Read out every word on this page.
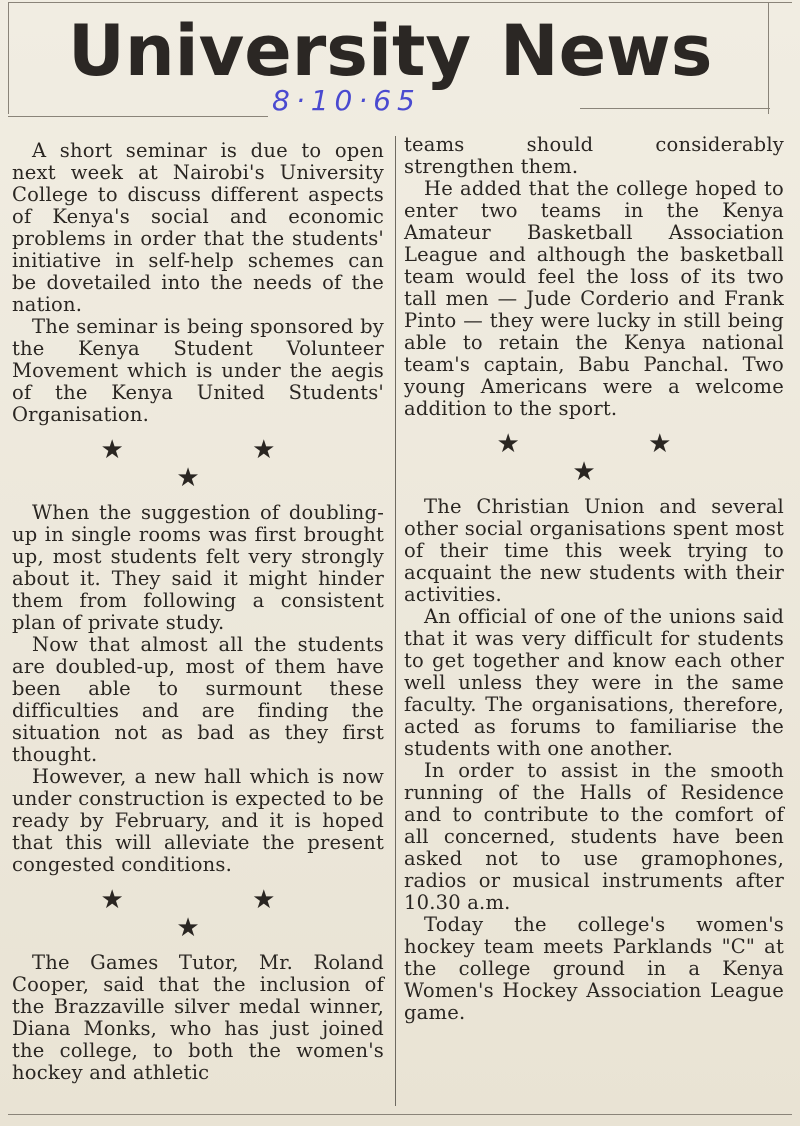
University News
8·10·65

A short seminar is due to open next week at Nairobi's University College to discuss different aspects of Kenya's social and economic problems in order that the students' initiative in self-help schemes can be dovetailed into the needs of the nation.

The seminar is being sponsored by the Kenya Student Volunteer Movement which is under the aegis of the Kenya United Students' Organisation.

★ ★ ★

When the suggestion of doubling-up in single rooms was first brought up, most students felt very strongly about it. They said it might hinder them from following a consistent plan of private study.

Now that almost all the students are doubled-up, most of them have been able to surmount these difficulties and are finding the situation not as bad as they first thought.

However, a new hall which is now under construction is expected to be ready by February, and it is hoped that this will alleviate the present congested conditions.

★ ★ ★

The Games Tutor, Mr. Roland Cooper, said that the inclusion of the Brazzaville silver medal winner, Diana Monks, who has just joined the college, to both the women's hockey and athletic

teams should considerably strengthen them.

He added that the college hoped to enter two teams in the Kenya Amateur Basketball Association League and although the basketball team would feel the loss of its two tall men — Jude Corderio and Frank Pinto — they were lucky in still being able to retain the Kenya national team's captain, Babu Panchal. Two young Americans were a welcome addition to the sport.

★ ★ ★

The Christian Union and several other social organisations spent most of their time this week trying to acquaint the new students with their activities.

An official of one of the unions said that it was very difficult for students to get together and know each other well unless they were in the same faculty. The organisations, therefore, acted as forums to familiarise the students with one another.

In order to assist in the smooth running of the Halls of Residence and to contribute to the comfort of all concerned, students have been asked not to use gramophones, radios or musical instruments after 10.30 a.m.

Today the college's women's hockey team meets Parklands "C" at the college ground in a Kenya Women's Hockey Association League game.
